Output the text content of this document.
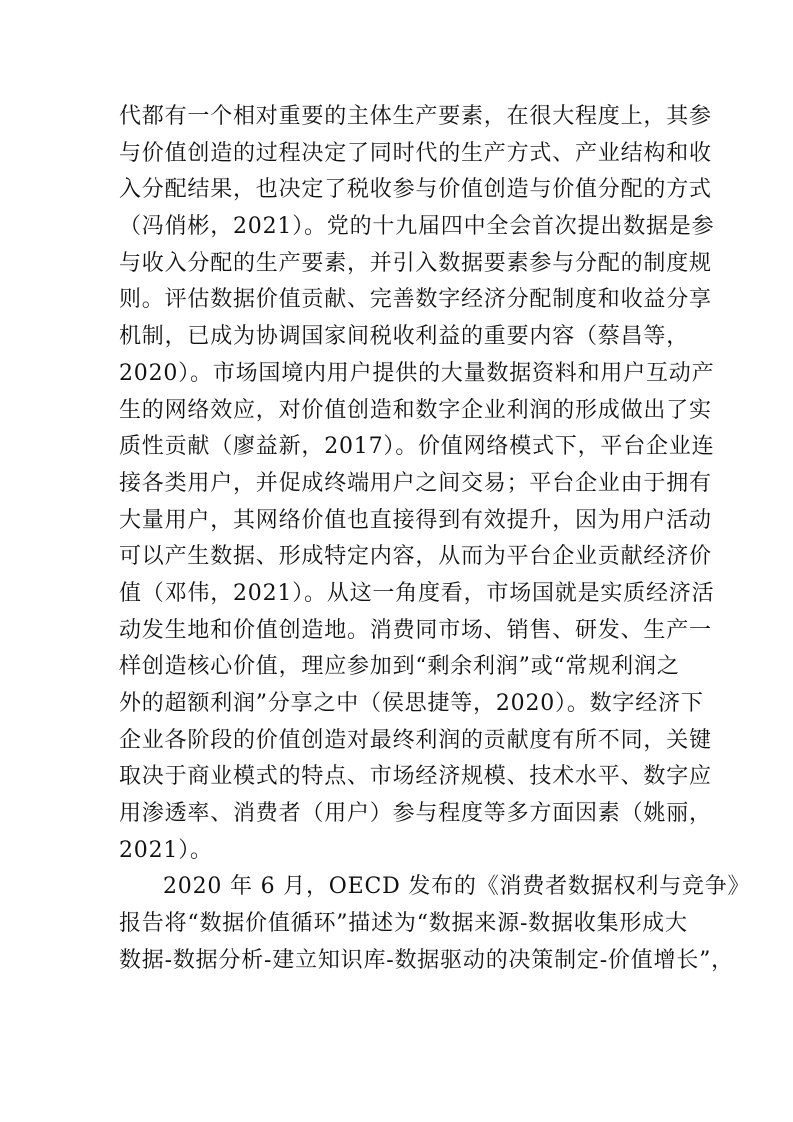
代都有一个相对重要的主体生产要素，在很大程度上，其参
与价值创造的过程决定了同时代的生产方式、产业结构和收
入分配结果，也决定了税收参与价值创造与价值分配的方式
（冯俏彬，2021）。党的十九届四中全会首次提出数据是参
与收入分配的生产要素，并引入数据要素参与分配的制度规
则。评估数据价值贡献、完善数字经济分配制度和收益分享
机制，已成为协调国家间税收利益的重要内容（蔡昌等，
2020）。市场国境内用户提供的大量数据资料和用户互动产
生的网络效应，对价值创造和数字企业利润的形成做出了实
质性贡献（廖益新，2017）。价值网络模式下，平台企业连
接各类用户，并促成终端用户之间交易；平台企业由于拥有
大量用户，其网络价值也直接得到有效提升，因为用户活动
可以产生数据、形成特定内容，从而为平台企业贡献经济价
值（邓伟，2021）。从这一角度看，市场国就是实质经济活
动发生地和价值创造地。消费同市场、销售、研发、生产一
样创造核心价值，理应参加到“剩余利润”或“常规利润之
外的超额利润”分享之中（侯思捷等，2020）。数字经济下
企业各阶段的价值创造对最终利润的贡献度有所不同，关键
取决于商业模式的特点、市场经济规模、技术水平、数字应
用渗透率、消费者（用户）参与程度等多方面因素（姚丽，
2021）。
2020 年 6 月，OECD 发布的《消费者数据权利与竞争》
报告将“数据价值循环”描述为“数据来源-数据收集形成大
数据-数据分析-建立知识库-数据驱动的决策制定-价值增长”，
